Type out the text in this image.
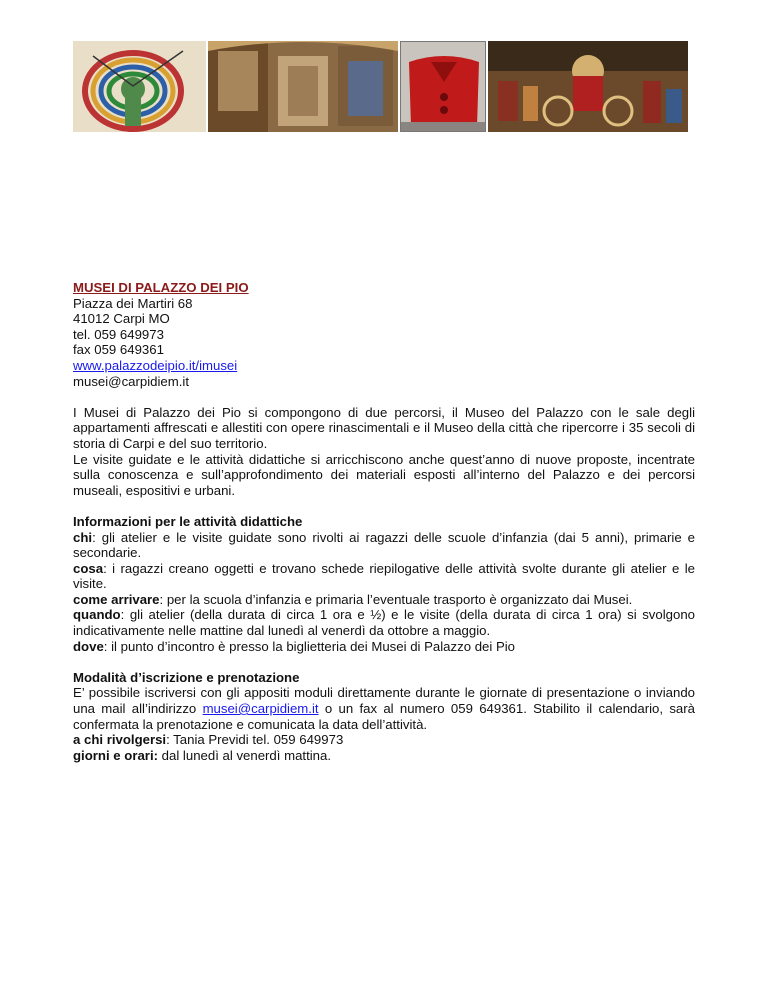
MUSEI DI PALAZZO DEI PIO

Piazza dei Martiri 68

41012 Carpi MO

tel. 059 649973

fax 059 649361

www.palazzodeipio.it/imusei

musei@carpidiem.it

I Musei di Palazzo dei Pio si compongono di due percorsi, il Museo del Palazzo con le sale degli appartamenti affrescati e allestiti con opere rinascimentali e il Museo della città che ripercorre i 35 secoli di storia di Carpi e del suo territorio.

Le visite guidate e le attività didattiche si arricchiscono anche quest’anno di nuove proposte, incentrate sulla conoscenza e sull’approfondimento dei materiali esposti all’interno del Palazzo e dei percorsi museali, espositivi e urbani.

Informazioni per le attività didattiche

chi: gli atelier e le visite guidate sono rivolti ai ragazzi delle scuole d’infanzia (dai 5 anni), primarie e secondarie.

cosa: i ragazzi creano oggetti e trovano schede riepilogative delle attività svolte durante gli atelier e le visite.

come arrivare: per la scuola d’infanzia e primaria l’eventuale trasporto è organizzato dai Musei.

quando: gli atelier (della durata di circa 1 ora e ½) e le visite (della durata di circa 1 ora) si svolgono indicativamente nelle mattine dal lunedì al venerdì da ottobre a maggio.

dove: il punto d’incontro è presso la biglietteria dei Musei di Palazzo dei Pio

Modalità d’iscrizione e prenotazione

E’ possibile iscriversi con gli appositi moduli direttamente durante le giornate di presentazione o inviando una mail all’indirizzo musei@carpidiem.it o un fax al numero 059 649361. Stabilito il calendario, sarà confermata la prenotazione e comunicata la data dell’attività.

a chi rivolgersi: Tania Previdi tel. 059 649973

giorni e orari: dal lunedì al venerdì mattina.
